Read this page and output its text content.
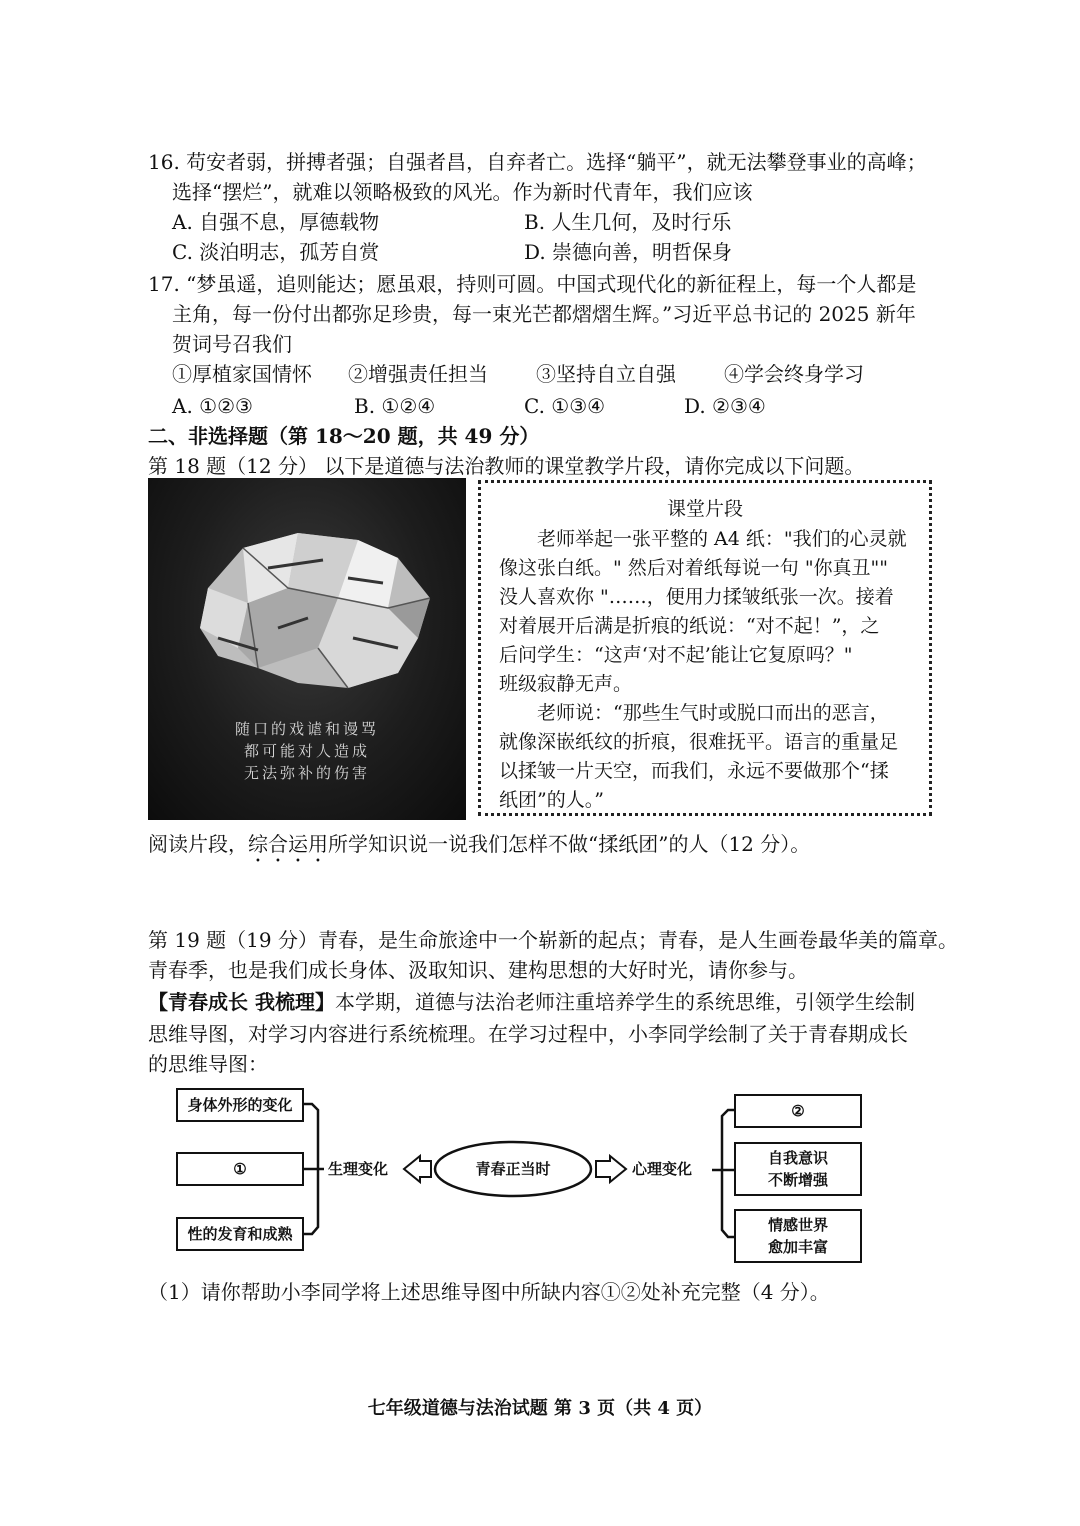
16. 苟安者弱，拼搏者强；自强者昌，自弃者亡。选择“躺平”，就无法攀登事业的高峰；
选择“摆烂”，就难以领略极致的风光。作为新时代青年，我们应该
A. 自强不息，厚德载物	B. 人生几何，及时行乐
C. 淡泊明志，孤芳自赏	D. 崇德向善，明哲保身
17. “梦虽遥，追则能达；愿虽艰，持则可圆。中国式现代化的新征程上，每一个人都是
主角，每一份付出都弥足珍贵，每一束光芒都熠熠生辉。”习近平总书记的 2025 新年
贺词号召我们
①厚植家国情怀 ②增强责任担当 ③坚持自立自强 ④学会终身学习
A. ①②③	B. ①②④	C. ①③④	D. ②③④
二、非选择题（第 18～20 题，共 49 分）
第 18 题（12 分） 以下是道德与法治教师的课堂教学片段，请你完成以下问题。
随口的戏谑和谩骂
都可能对人造成
无法弥补的伤害
课堂片段
老师举起一张平整的 A4 纸："我们的心灵就
像这张白纸。" 然后对着纸每说一句 "你真丑""
没人喜欢你 "……，便用力揉皱纸张一次。接着
对着展开后满是折痕的纸说：“对不起！”，之
后问学生：“这声‘对不起’能让它复原吗？"
班级寂静无声。
老师说：“那些生气时或脱口而出的恶言，
就像深嵌纸纹的折痕，很难抚平。语言的重量足
以揉皱一片天空，而我们，永远不要做那个“揉
纸团”的人。”
阅读片段，综合运用所学知识说一说我们怎样不做“揉纸团”的人（12 分）。
第 19 题（19 分）青春，是生命旅途中一个崭新的起点；青春，是人生画卷最华美的篇章。
青春季，也是我们成长身体、汲取知识、建构思想的大好时光，请你参与。
【青春成长 我梳理】本学期，道德与法治老师注重培养学生的系统思维，引领学生绘制
思维导图，对学习内容进行系统梳理。在学习过程中，小李同学绘制了关于青春期成长
的思维导图：
生理变化	青春正当时	心理变化
身体外形的变化
①
性的发育和成熟
②
自我意识
不断增强
情感世界
愈加丰富
（1）请你帮助小李同学将上述思维导图中所缺内容①②处补充完整（4 分）。
七年级道德与法治试题 第 3 页（共 4 页）
